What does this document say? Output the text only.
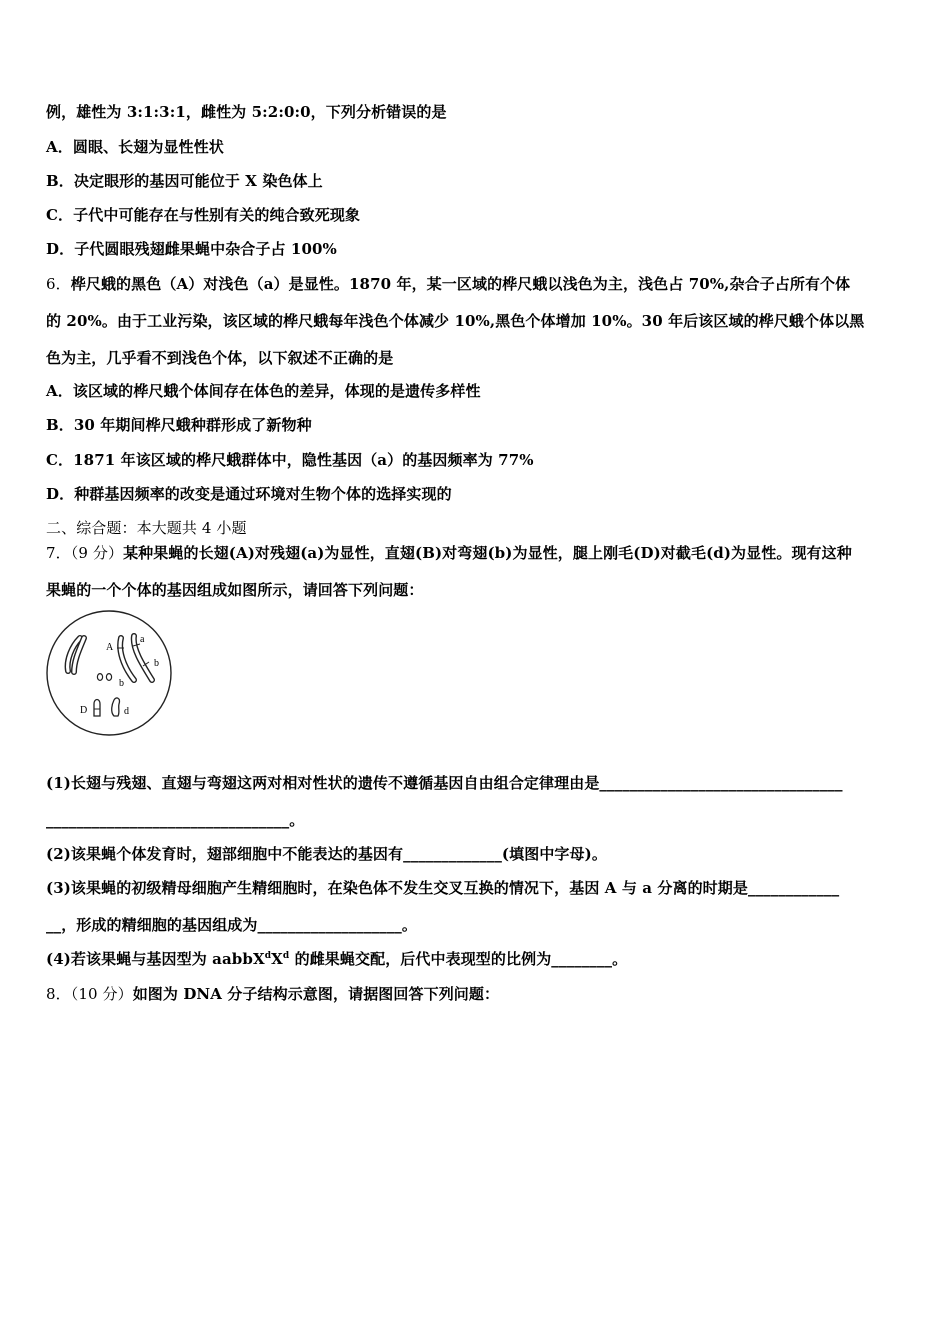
例，雄性为 3:1:3:1，雌性为 5:2:0:0，下列分析错误的是
A．圆眼、长翅为显性性状
B．决定眼形的基因可能位于 X 染色体上
C．子代中可能存在与性别有关的纯合致死现象
D．子代圆眼残翅雌果蝇中杂合子占 100%
6．桦尺蛾的黑色（A）对浅色（a）是显性。1870 年，某一区域的桦尺蛾以浅色为主，浅色占 70%,杂合子占所有个体
的 20%。由于工业污染，该区域的桦尺蛾每年浅色个体减少 10%,黑色个体增加 10%。30 年后该区域的桦尺蛾个体以黑
色为主，几乎看不到浅色个体，以下叙述不正确的是
A．该区域的桦尺蛾个体间存在体色的差异，体现的是遗传多样性
B．30 年期间桦尺蛾种群形成了新物种
C．1871 年该区域的桦尺蛾群体中，隐性基因（a）的基因频率为 77%
D．种群基因频率的改变是通过环境对生物个体的选择实现的
二、综合题：本大题共 4 小题
7．（9 分）某种果蝇的长翅(A)对残翅(a)为显性，直翅(B)对弯翅(b)为显性，腿上刚毛(D)对截毛(d)为显性。现有这种
果蝇的一个个体的基因组成如图所示，请回答下列问题：
A
a
b
b
D	d
(1)长翅与残翅、直翅与弯翅这两对相对性状的遗传不遵循基因自由组合定律理由是________________________________
________________________________。
(2)该果蝇个体发育时，翅部细胞中不能表达的基因有_____________(填图中字母)。
(3)该果蝇的初级精母细胞产生精细胞时，在染色体不发生交叉互换的情况下，基因 A 与 a 分离的时期是____________
__，形成的精细胞的基因组成为___________________。
(4)若该果蝇与基因型为 $aabbX^dX^d$ 的雌果蝇交配，后代中表现型的比例为________。
8．（10 分）如图为 DNA 分子结构示意图，请据图回答下列问题：
